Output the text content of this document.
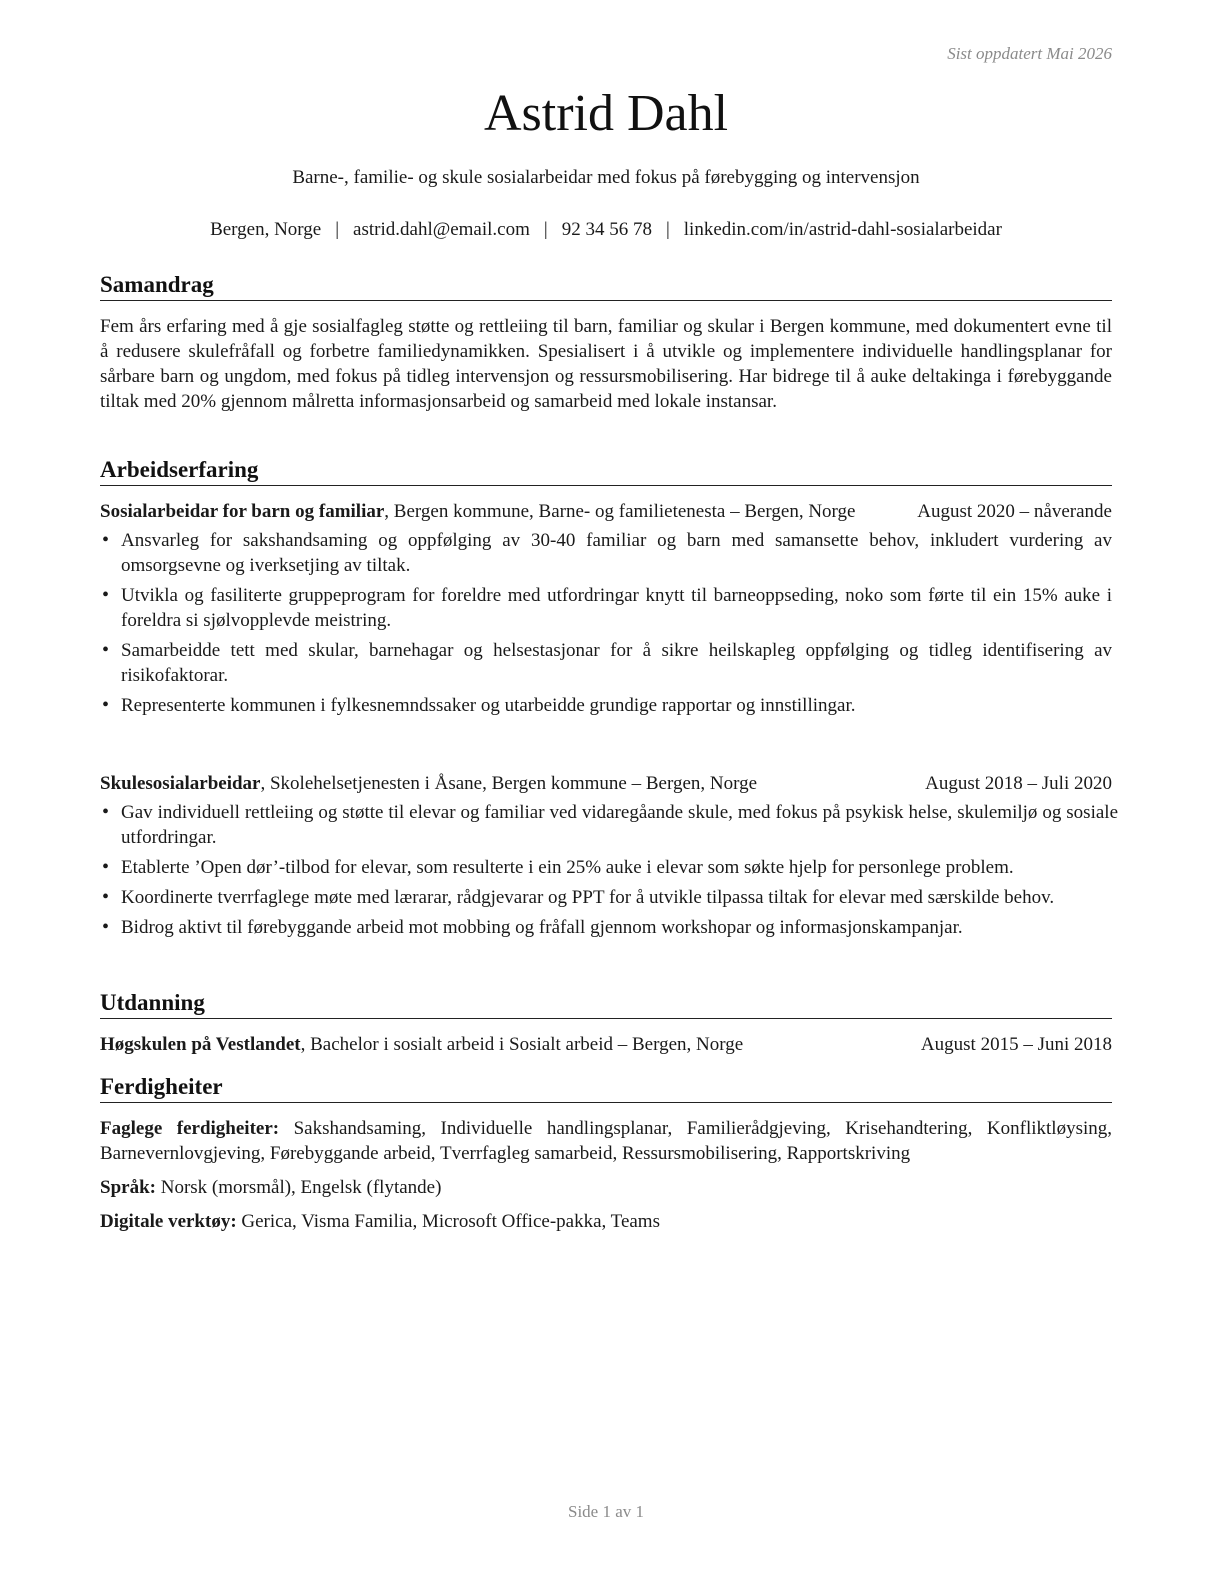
Sist oppdatert Mai 2026
Astrid Dahl
Barne-, familie- og skule sosialarbeidar med fokus på førebygging og intervensjon
Bergen, Norge | astrid.dahl@email.com | 92 34 56 78 | linkedin.com/in/astrid-dahl-sosialarbeidar
Samandrag
Fem års erfaring med å gje sosialfagleg støtte og rettleiing til barn, familiar og skular i Bergen kommune, med dokumentert evne til å redusere skulefråfall og forbetre familiedynamikken. Spesialisert i å utvikle og implementere individuelle handlingsplanar for sårbare barn og ungdom, med fokus på tidleg intervensjon og ressursmobilisering. Har bidrege til å auke deltakinga i førebyggande tiltak med 20% gjennom målretta informasjonsarbeid og samarbeid med lokale instansar.
Arbeidserfaring
August 2020 – nåverande
Sosialarbeidar for barn og familiar, Bergen kommune, Barne- og familietenesta – Bergen, Norge
• Ansvarleg for sakshandsaming og oppfølging av 30-40 familiar og barn med samansette behov, inkludert vurdering av omsorgsevne og iverksetjing av tiltak.
• Utvikla og fasiliterte gruppeprogram for foreldre med utfordringar knytt til barneoppseding, noko som førte til ein 15% auke i foreldra si sjølvopplevde meistring.
• Samarbeidde tett med skular, barnehagar og helsestasjonar for å sikre heilskapleg oppfølging og tidleg identifisering av risikofaktorar.
• Representerte kommunen i fylkesnemndssaker og utarbeidde grundige rapportar og innstillingar.
August 2018 – Juli 2020
Skulesosialarbeidar, Skolehelsetjenesten i Åsane, Bergen kommune – Bergen, Norge
• Gav individuell rettleiing og støtte til elevar og familiar ved vidaregåande skule, med fokus på psykisk helse, skulemiljø og sosiale utfordringar.
• Etablerte ’Open dør’-tilbod for elevar, som resulterte i ein 25% auke i elevar som søkte hjelp for personlege problem.
• Koordinerte tverrfaglege møte med lærarar, rådgjevarar og PPT for å utvikle tilpassa tiltak for elevar med særskilde behov.
• Bidrog aktivt til førebyggande arbeid mot mobbing og fråfall gjennom workshopar og informasjonskampanjar.
Utdanning
August 2015 – Juni 2018
Høgskulen på Vestlandet, Bachelor i sosialt arbeid i Sosialt arbeid – Bergen, Norge
Ferdigheiter
Faglege ferdigheiter: Sakshandsaming, Individuelle handlingsplanar, Familierådgjeving, Krisehandtering, Konfliktløysing, Barnevernlovgjeving, Førebyggande arbeid, Tverrfagleg samarbeid, Ressursmobilisering, Rapportskriving
Språk: Norsk (morsmål), Engelsk (flytande)
Digitale verktøy: Gerica, Visma Familia, Microsoft Office-pakka, Teams
Side 1 av 1
